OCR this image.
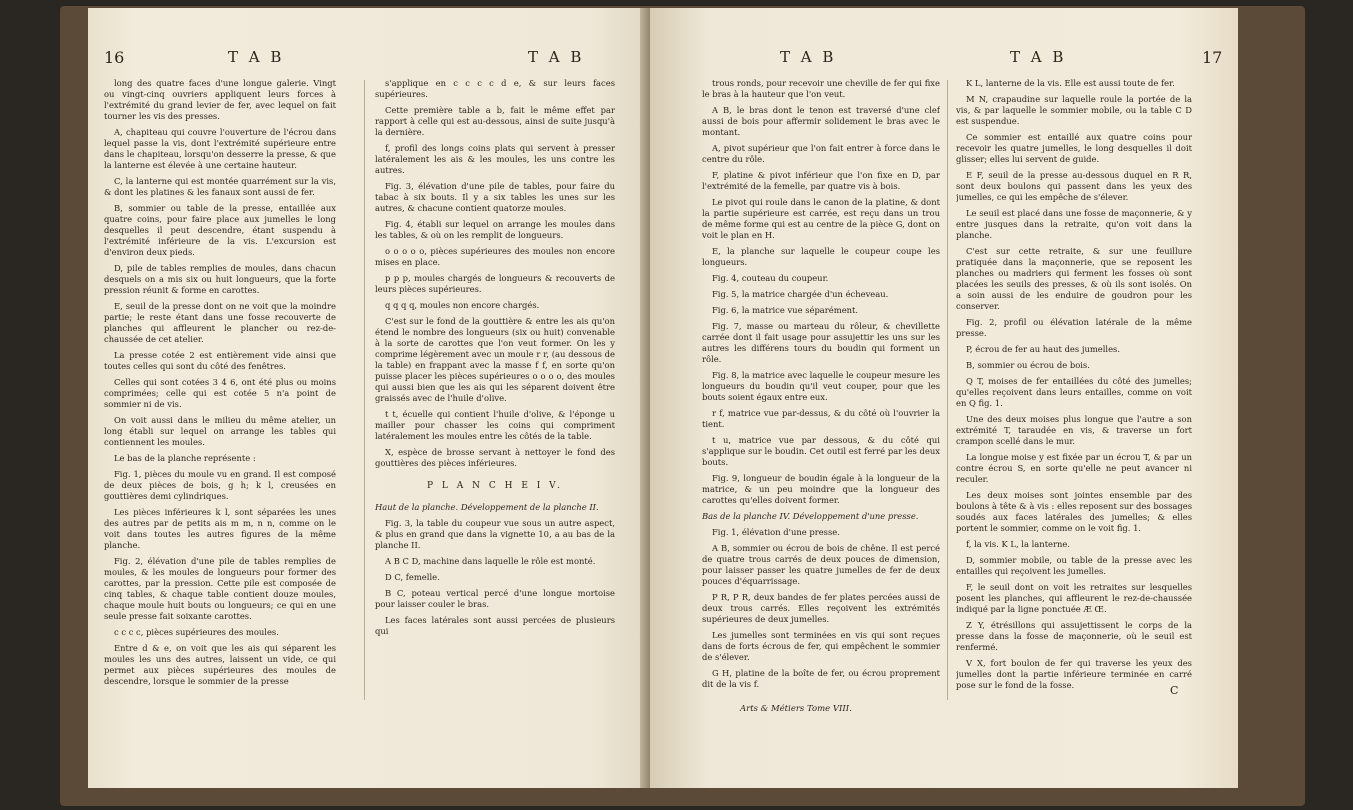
16	T A B	T A B

long des quatre faces d'une longue galerie. Vingt ou vingt-cinq ouvriers appliquent leurs forces à l'extrémité du grand levier de fer, avec lequel on fait tourner les vis des presses.

A, chapiteau qui couvre l'ouverture de l'écrou dans lequel passe la vis, dont l'extrémité supérieure entre dans le chapiteau, lorsqu'on desserre la presse, & que la lanterne est élevée à une certaine hauteur.

C, la lanterne qui est montée quarrément sur la vis, & dont les platines & les fanaux sont aussi de fer.

B, sommier ou table de la presse, entaillée aux quatre coins, pour faire place aux jumelles le long desquelles il peut descendre, étant suspendu à l'extrémité inférieure de la vis. L'excursion est d'environ deux pieds.

D, pile de tables remplies de moules, dans chacun desquels on a mis six ou huit longueurs, que la forte pression réunit & forme en carottes.

E, seuil de la presse dont on ne voit que la moindre partie; le reste étant dans une fosse recouverte de planches qui affleurent le plancher ou rez-de-chaussée de cet atelier.

La presse cotée 2 est entièrement vide ainsi que toutes celles qui sont du côté des fenêtres.

Celles qui sont cotées 3 4 6, ont été plus ou moins comprimées; celle qui est cotée 5 n'a point de sommier ni de vis.

On voit aussi dans le milieu du même atelier, un long établi sur lequel on arrange les tables qui contiennent les moules.

Le bas de la planche représente :

Fig. 1, pièces du moule vu en grand. Il est composé de deux pièces de bois, g h; k l, creusées en gouttières demi cylindriques.

Les pièces inférieures k l, sont séparées les unes des autres par de petits ais m m, n n, comme on le voit dans toutes les autres figures de la même planche.

Fig. 2, élévation d'une pile de tables remplies de moules, & les moules de longueurs pour former des carottes, par la pression. Cette pile est composée de cinq tables, & chaque table contient douze moules, chaque moule huit bouts ou longueurs; ce qui en une seule presse fait soixante carottes.

c c c c, pièces supérieures des moules.

Entre d & e, on voit que les ais qui séparent les moules les uns des autres, laissent un vide, ce qui permet aux pièces supérieures des moules de descendre, lorsque le sommier de la presse

s'applique en c c c c d e, & sur leurs faces supérieures.

Cette première table a b, fait le même effet par rapport à celle qui est au-dessous, ainsi de suite jusqu'à la dernière.

f, profil des longs coins plats qui servent à presser latéralement les ais & les moules, les uns contre les autres.

Fig. 3, élévation d'une pile de tables, pour faire du tabac à six bouts. Il y a six tables les unes sur les autres, & chacune contient quatorze moules.

Fig. 4, établi sur lequel on arrange les moules dans les tables, & où on les remplit de longueurs.

o o o o o, pièces supérieures des moules non encore mises en place.

p p p, moules chargés de longueurs & recouverts de leurs pièces supérieures.

q q q q, moules non encore chargés.

C'est sur le fond de la gouttière & entre les ais qu'on étend le nombre des longueurs (six ou huit) convenable à la sorte de carottes que l'on veut former. On les y comprime légèrement avec un moule r r, (au dessous de la table) en frappant avec la masse f f, en sorte qu'on puisse placer les pièces supérieures o o o o, des moules qui aussi bien que les ais qui les séparent doivent être graissés avec de l'huile d'olive.

t t, écuelle qui contient l'huile d'olive, & l'éponge u mailler pour chasser les coins qui compriment latéralement les moules entre les côtés de la table.

X, espèce de brosse servant à nettoyer le fond des gouttières des pièces inférieures.

P L A N C H E I V.

Haut de la planche. Développement de la planche II.

Fig. 3, la table du coupeur vue sous un autre aspect, & plus en grand que dans la vignette 10, a au bas de la planche II.

A B C D, machine dans laquelle le rôle est monté.

D C, femelle.

B C, poteau vertical percé d'une longue mortoise pour laisser couler le bras.

Les faces latérales sont aussi percées de plusieurs qui

T A B	T A B	17

trous ronds, pour recevoir une cheville de fer qui fixe le bras à la hauteur que l'on veut.

A B, le bras dont le tenon est traversé d'une clef aussi de bois pour affermir solidement le bras avec le montant.

A, pivot supérieur que l'on fait entrer à force dans le centre du rôle.

F, platine & pivot inférieur que l'on fixe en D, par l'extrémité de la femelle, par quatre vis à bois.

Le pivot qui roule dans le canon de la platine, & dont la partie supérieure est carrée, est reçu dans un trou de même forme qui est au centre de la pièce G, dont on voit le plan en H.

E, la planche sur laquelle le coupeur coupe les longueurs.

Fig. 4, couteau du coupeur.

Fig. 5, la matrice chargée d'un écheveau.

Fig. 6, la matrice vue séparément.

Fig. 7, masse ou marteau du rôleur, & chevillette carrée dont il fait usage pour assujettir les uns sur les autres les différens tours du boudin qui forment un rôle.

Fig. 8, la matrice avec laquelle le coupeur mesure les longueurs du boudin qu'il veut couper, pour que les bouts soient égaux entre eux.

r f, matrice vue par-dessus, & du côté où l'ouvrier la tient.

t u, matrice vue par dessous, & du côté qui s'applique sur le boudin. Cet outil est ferré par les deux bouts.

Fig. 9, longueur de boudin égale à la longueur de la matrice, & un peu moindre que la longueur des carottes qu'elles doivent former.

Bas de la planche IV. Développement d'une presse.

Fig. 1, élévation d'une presse.

A B, sommier ou écrou de bois de chêne. Il est percé de quatre trous carrés de deux pouces de dimension, pour laisser passer les quatre jumelles de fer de deux pouces d'équarrissage.

P R, P R, deux bandes de fer plates percées aussi de deux trous carrés. Elles reçoivent les extrémités supérieures de deux jumelles.

Les jumelles sont terminées en vis qui sont reçues dans de forts écrous de fer, qui empêchent le sommier de s'élever.

G H, platine de la boîte de fer, ou écrou proprement dit de la vis f.

K L, lanterne de la vis. Elle est aussi toute de fer.

M N, crapaudine sur laquelle roule la portée de la vis, & par laquelle le sommier mobile, ou la table C D est suspendue.

Ce sommier est entaillé aux quatre coins pour recevoir les quatre jumelles, le long desquelles il doit glisser; elles lui servent de guide.

E F, seuil de la presse au-dessous duquel en R R, sont deux boulons qui passent dans les yeux des jumelles, ce qui les empêche de s'élever.

Le seuil est placé dans une fosse de maçonnerie, & y entre jusques dans la retraite, qu'on voit dans la planche.

C'est sur cette retraite, & sur une feuillure pratiquée dans la maçonnerie, que se reposent les planches ou madriers qui ferment les fosses où sont placées les seuils des presses, & où ils sont isolés. On a soin aussi de les enduire de goudron pour les conserver.

Fig. 2, profil ou élévation latérale de la même presse.

P, écrou de fer au haut des jumelles.

B, sommier ou écrou de bois.

Q T, moises de fer entaillées du côté des jumelles; qu'elles reçoivent dans leurs entailles, comme on voit en Q fig. 1.

Une des deux moises plus longue que l'autre a son extrémité T, taraudée en vis, & traverse un fort crampon scellé dans le mur.

La longue moise y est fixée par un écrou T, & par un contre écrou S, en sorte qu'elle ne peut avancer ni reculer.

Les deux moises sont jointes ensemble par des boulons à tête & à vis : elles reposent sur des bossages soudés aux faces latérales des jumelles; & elles portent le sommier, comme on le voit fig. 1.

f, la vis. K L, la lanterne.

D, sommier mobile, ou table de la presse avec les entailles qui reçoivent les jumelles.

F, le seuil dont on voit les retraites sur lesquelles posent les planches, qui affleurent le rez-de-chaussée indiqué par la ligne ponctuée Æ Œ.

Z Y, étrésillons qui assujettissent le corps de la presse dans la fosse de maçonnerie, où le seuil est renfermé.

V X, fort boulon de fer qui traverse les yeux des jumelles dont la partie inférieure terminée en carré pose sur le fond de la fosse.

Arts & Métiers Tome VIII.
C
